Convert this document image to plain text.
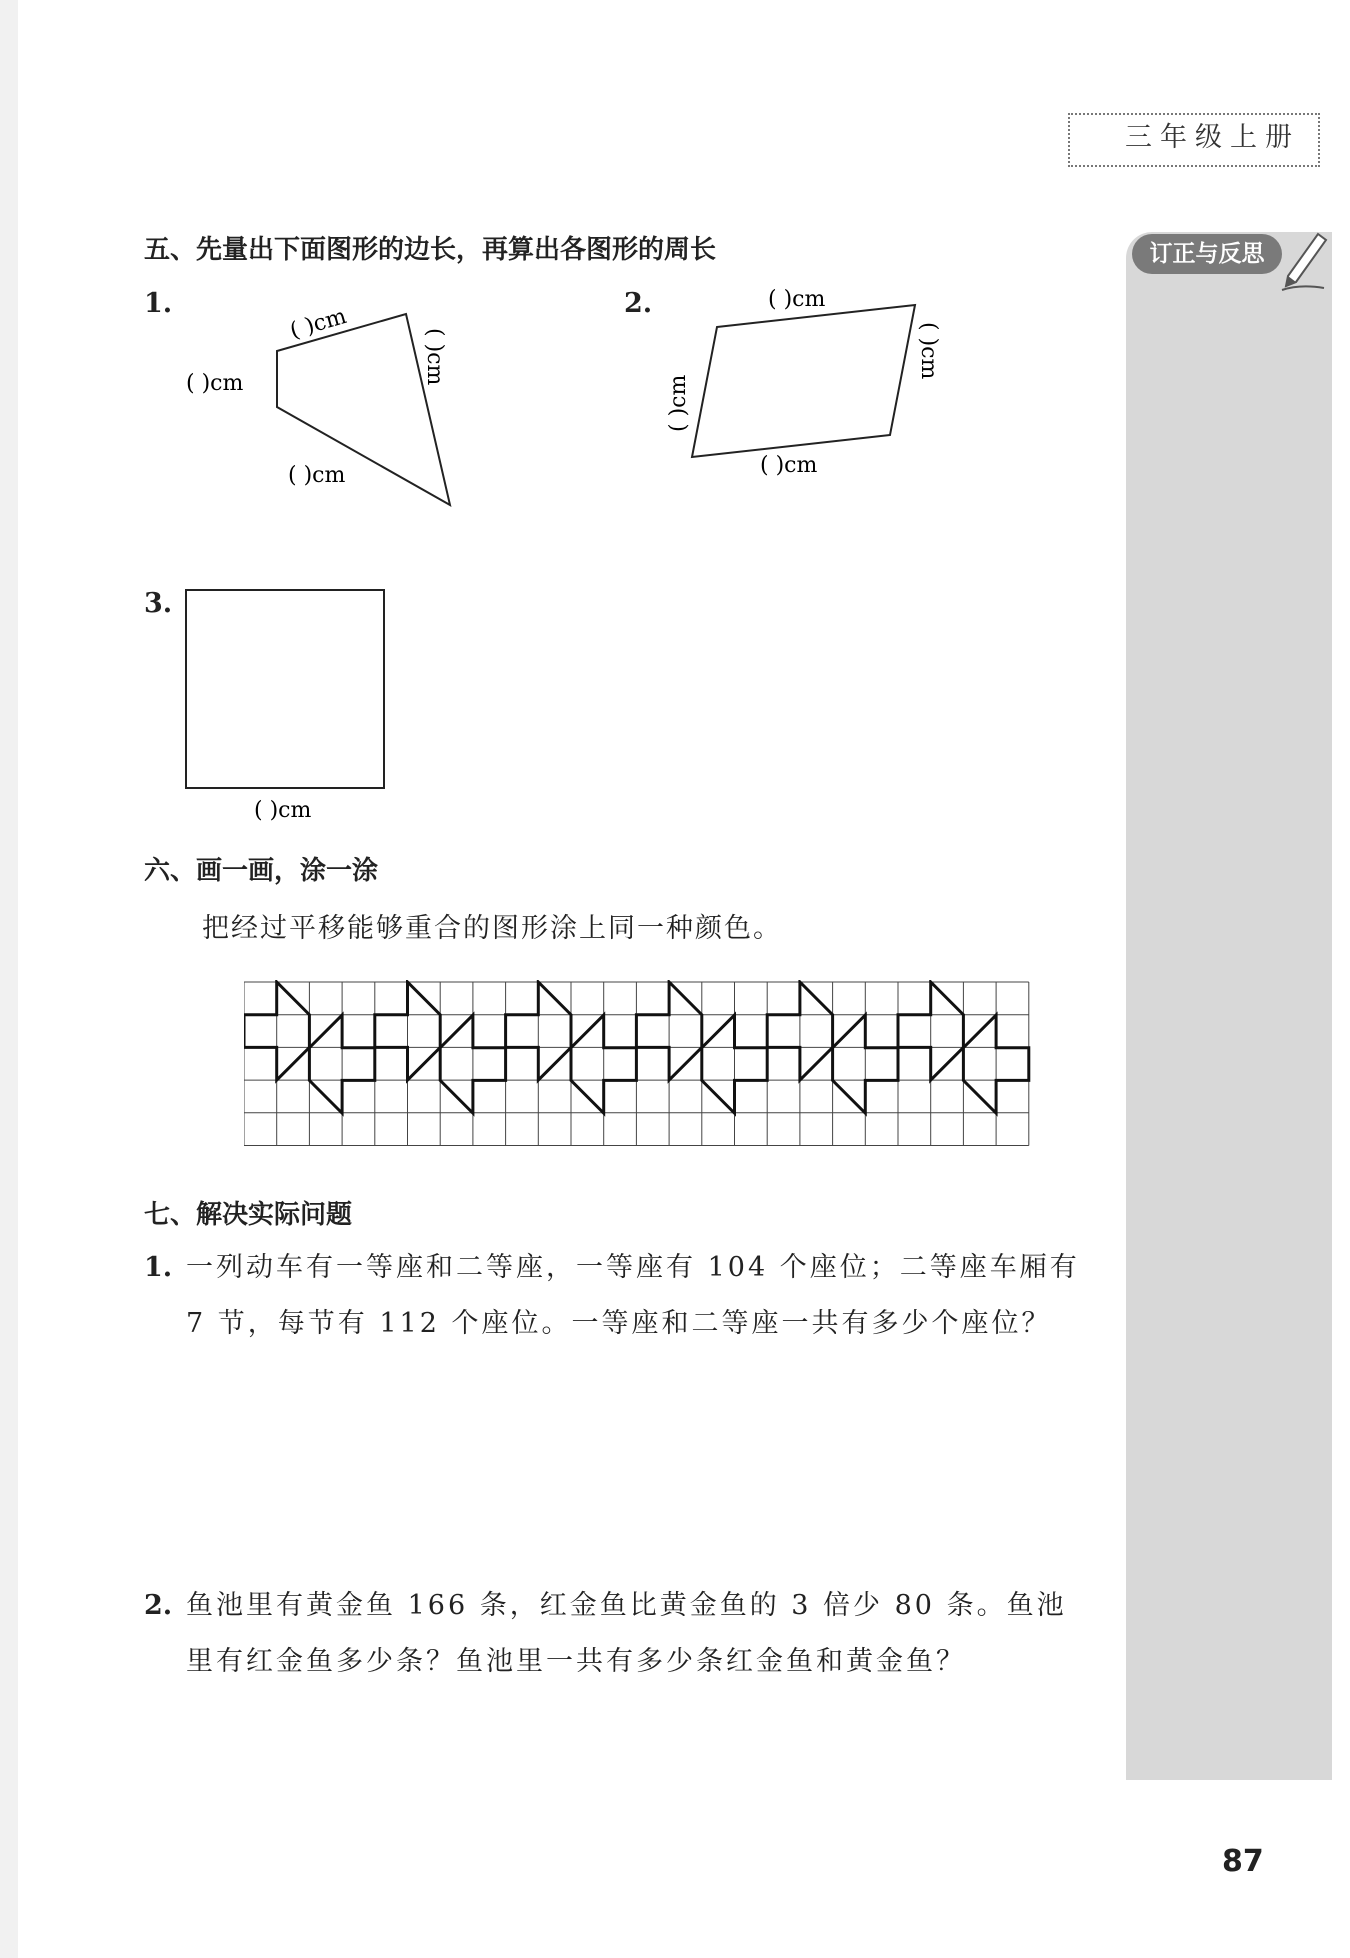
三年级上册
订正与反思
五、先量出下面图形的边长，再算出各图形的周长
1.	2.
3.
( )cm
( )cm	( )cm
( )cm
( )cm
( )cm
( )cm
( )cm
( )cm
六、画一画，涂一涂
把经过平移能够重合的图形涂上同一种颜色。
七、解决实际问题
1. 一列动车有一等座和二等座，一等座有 104 个座位；二等座车厢有 7 节，每节有 112 个座位。一等座和二等座一共有多少个座位？
2. 鱼池里有黄金鱼 166 条，红金鱼比黄金鱼的 3 倍少 80 条。鱼池里有红金鱼多少条？鱼池里一共有多少条红金鱼和黄金鱼？
87
